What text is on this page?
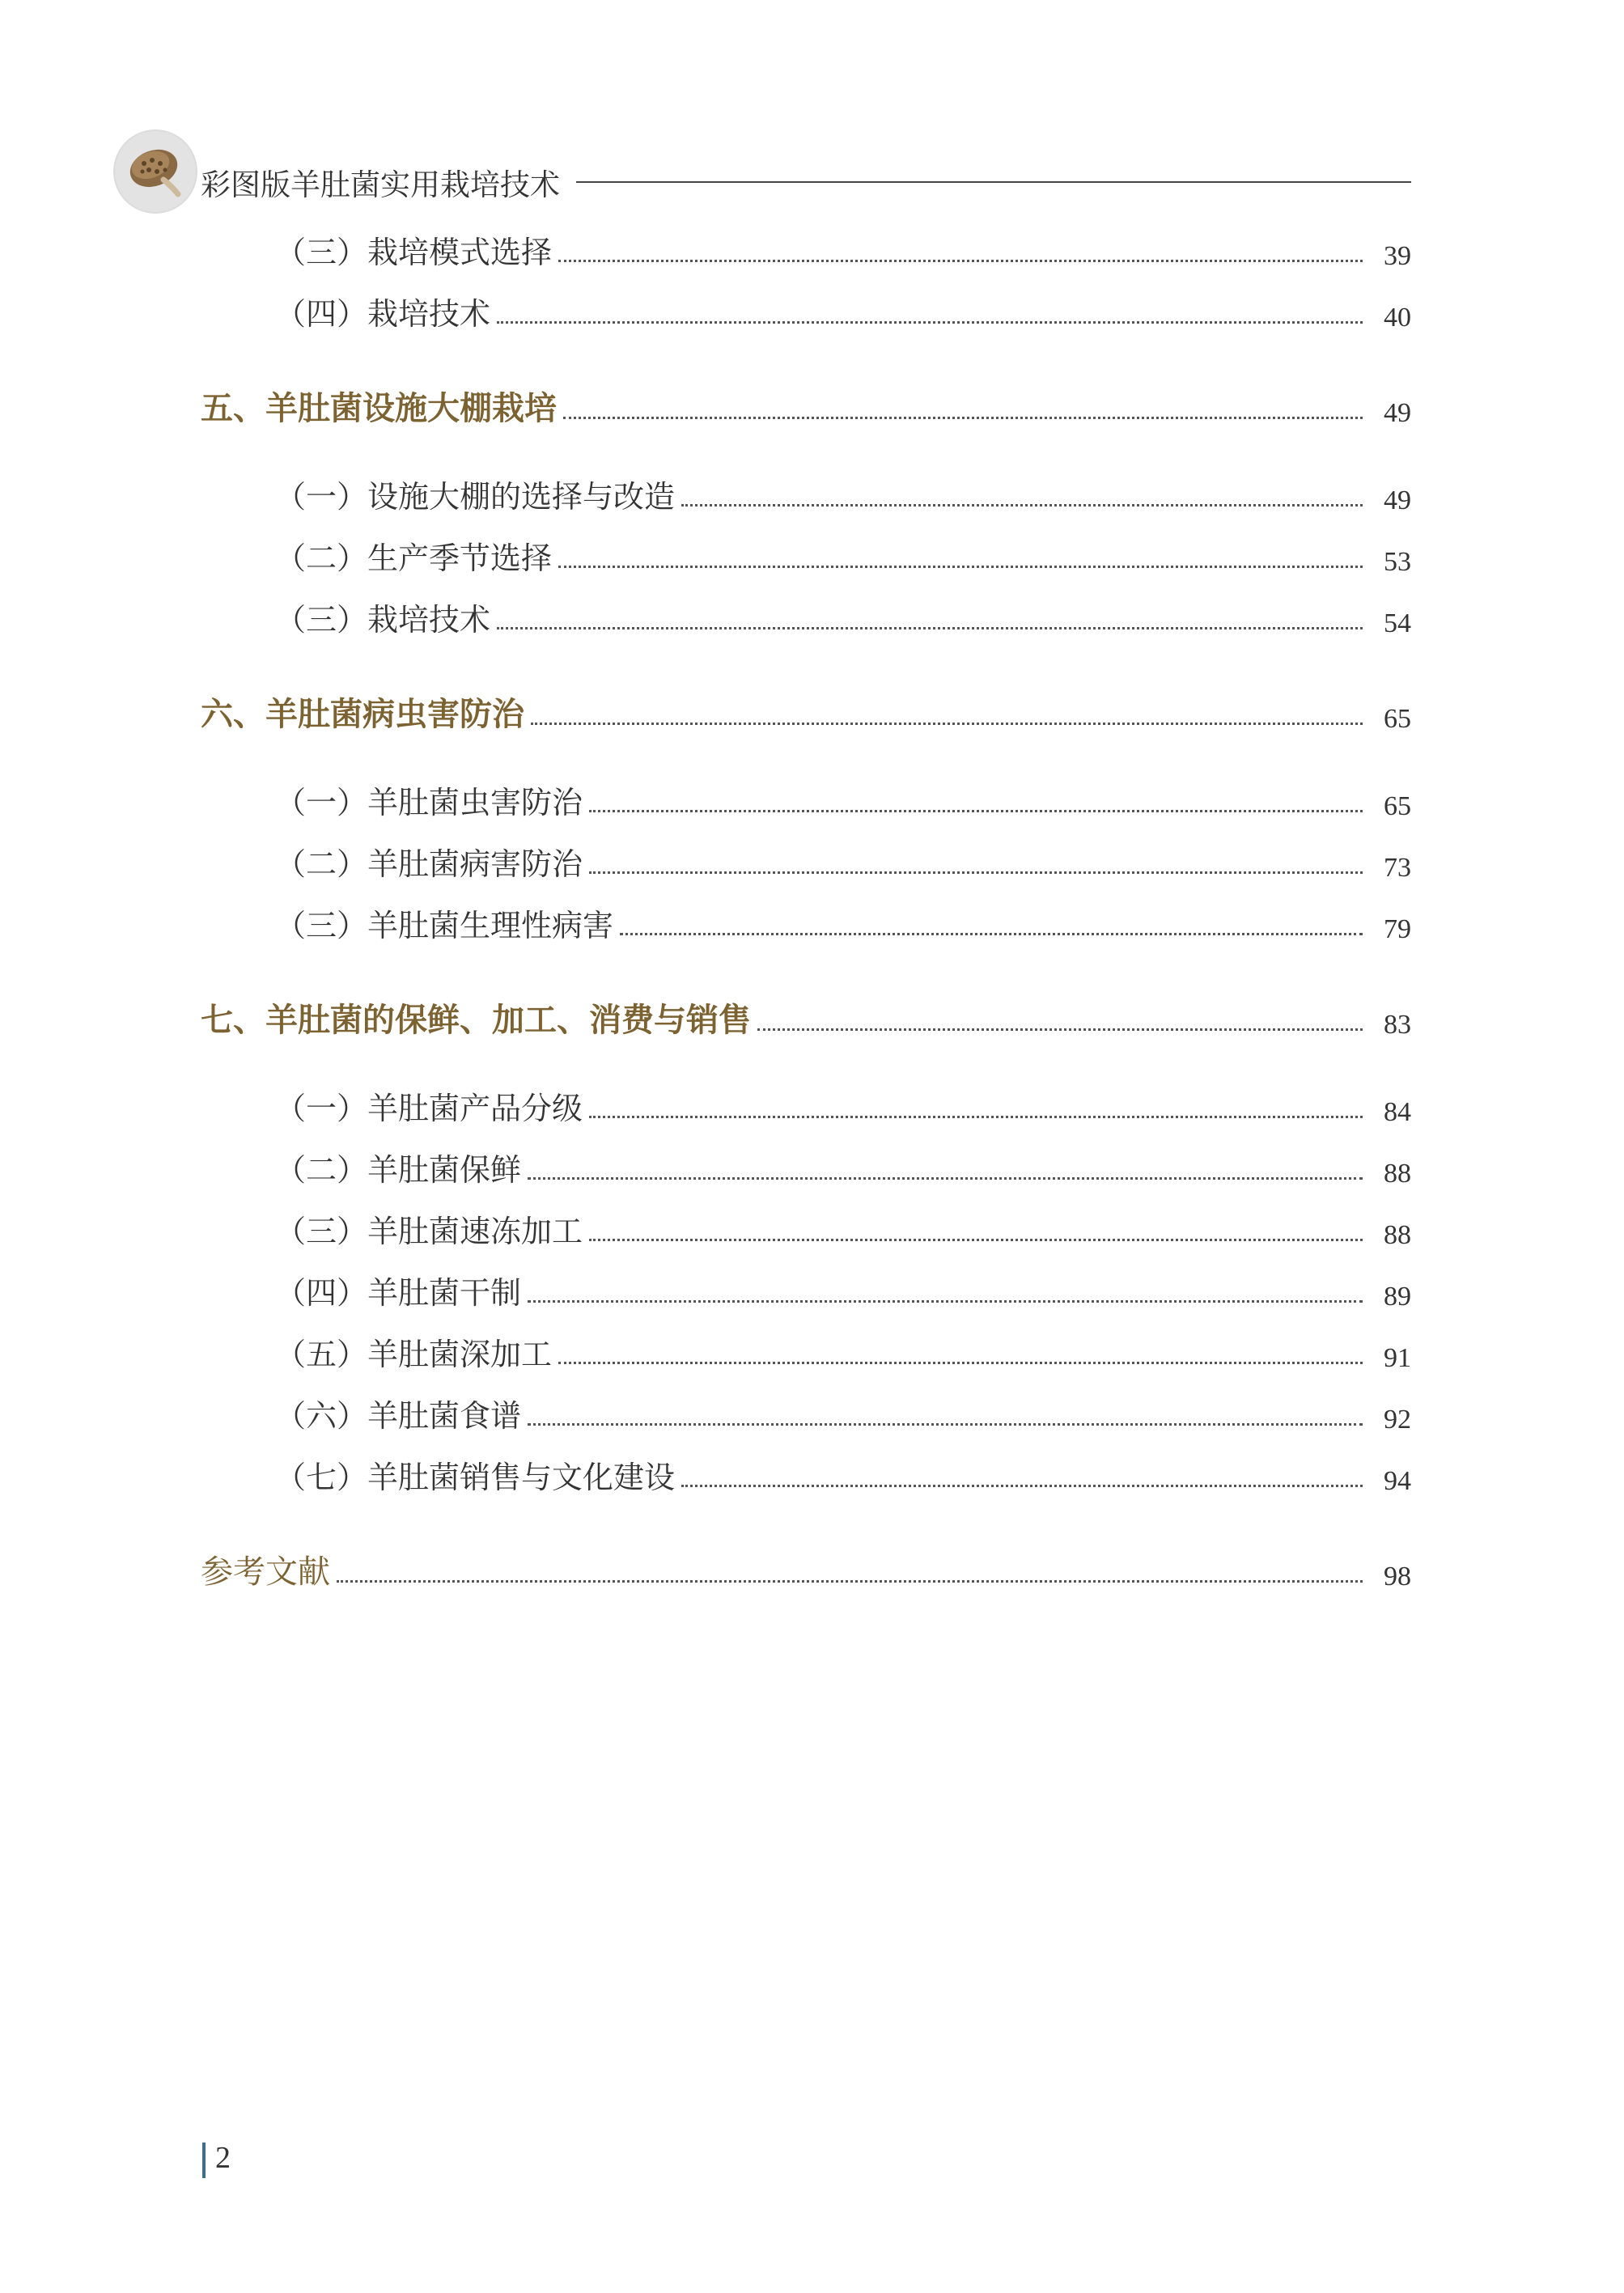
彩图版羊肚菌实用栽培技术
（三）栽培模式选择	39
（四）栽培技术	40
五、羊肚菌设施大棚栽培	49
（一）设施大棚的选择与改造	49
（二）生产季节选择	53
（三）栽培技术	54
六、羊肚菌病虫害防治	65
（一）羊肚菌虫害防治	65
（二）羊肚菌病害防治	73
（三）羊肚菌生理性病害	79
七、羊肚菌的保鲜、加工、消费与销售	83
（一）羊肚菌产品分级	84
（二）羊肚菌保鲜	88
（三）羊肚菌速冻加工	88
（四）羊肚菌干制	89
（五）羊肚菌深加工	91
（六）羊肚菌食谱	92
（七）羊肚菌销售与文化建设	94
参考文献	98
2
